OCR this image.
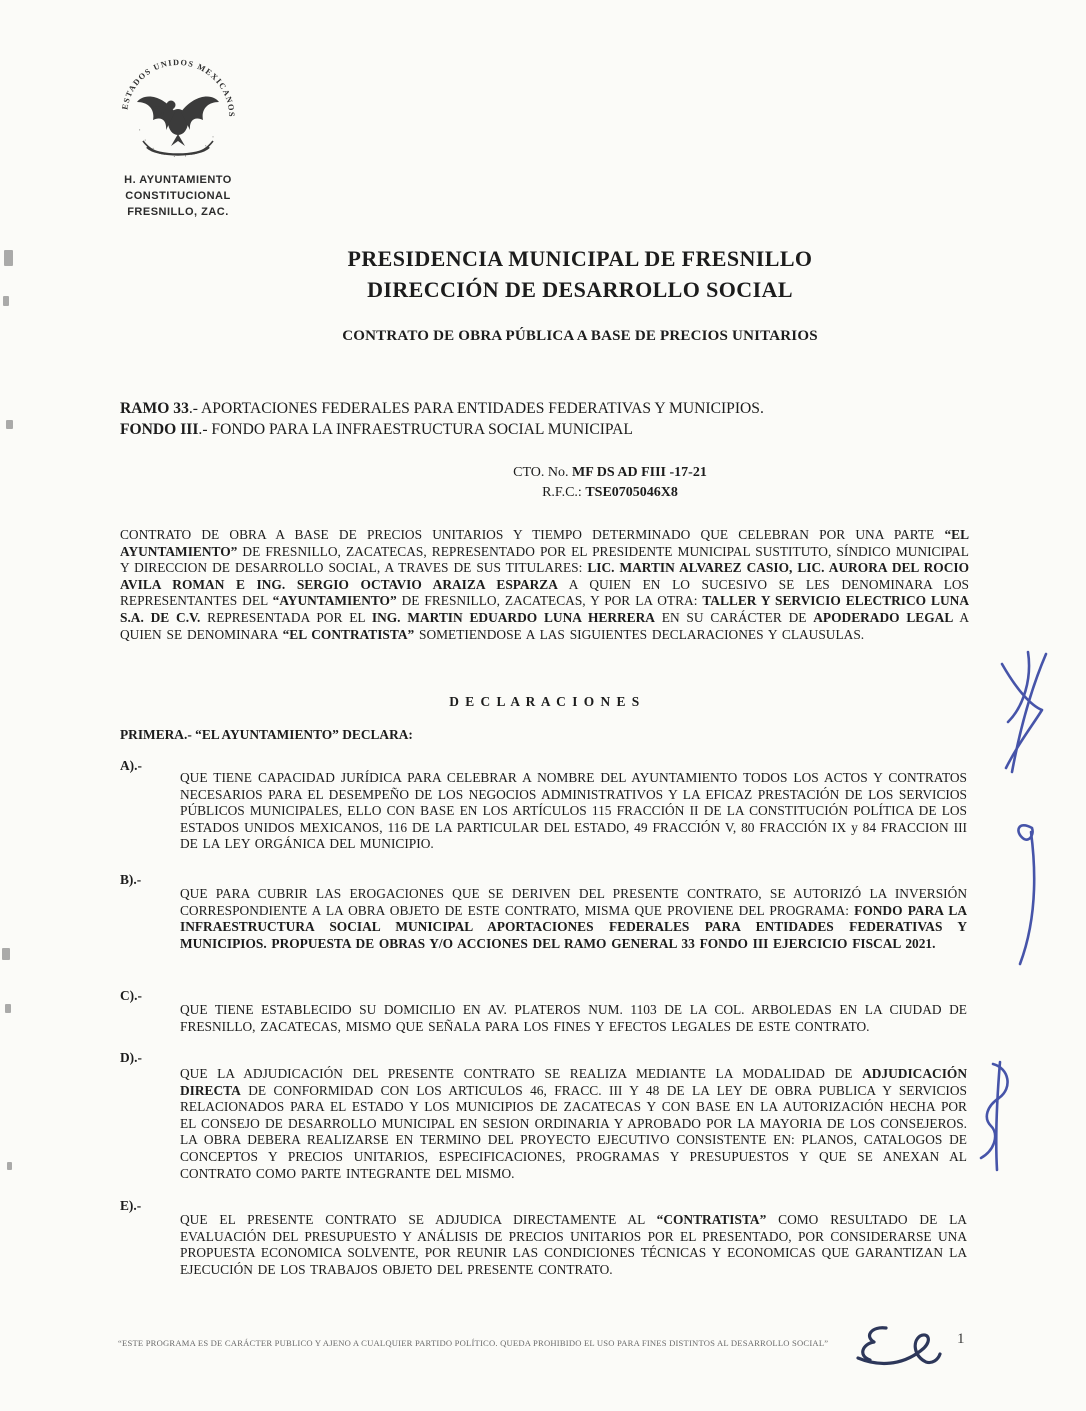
ESTADOS UNIDOS MEXICANOS
· · · · · · · · ·
H. AYUNTAMIENTO
CONSTITUCIONAL
FRESNILLO, ZAC.
PRESIDENCIA MUNICIPAL DE FRESNILLO
DIRECCIÓN DE DESARROLLO SOCIAL
CONTRATO DE OBRA PÚBLICA A BASE DE PRECIOS UNITARIOS
RAMO 33.- APORTACIONES FEDERALES PARA ENTIDADES FEDERATIVAS Y MUNICIPIOS.
FONDO III.- FONDO PARA LA INFRAESTRUCTURA SOCIAL MUNICIPAL
CTO. No. MF DS AD FIII -17-21
R.F.C.: TSE0705046X8

CONTRATO DE OBRA A BASE DE PRECIOS UNITARIOS Y TIEMPO DETERMINADO QUE CELEBRAN POR UNA PARTE “EL AYUNTAMIENTO” DE FRESNILLO, ZACATECAS, REPRESENTADO POR EL PRESIDENTE MUNICIPAL SUSTITUTO, SÍNDICO MUNICIPAL Y DIRECCION DE DESARROLLO SOCIAL, A TRAVES DE SUS TITULARES: LIC. MARTIN ALVAREZ CASIO, LIC. AURORA DEL ROCIO AVILA ROMAN E ING. SERGIO OCTAVIO ARAIZA ESPARZA A QUIEN EN LO SUCESIVO SE LES DENOMINARA LOS REPRESENTANTES DEL “AYUNTAMIENTO” DE FRESNILLO, ZACATECAS, Y POR LA OTRA: TALLER Y SERVICIO ELECTRICO LUNA S.A. DE C.V. REPRESENTADA POR EL ING. MARTIN EDUARDO LUNA HERRERA EN SU CARÁCTER DE APODERADO LEGAL A QUIEN SE DENOMINARA “EL CONTRATISTA” SOMETIENDOSE A LAS SIGUIENTES DECLARACIONES Y CLAUSULAS.

D E C L A R A C I O N E S
PRIMERA.- “EL AYUNTAMIENTO” DECLARA:
A).-

QUE TIENE CAPACIDAD JURÍDICA PARA CELEBRAR A NOMBRE DEL AYUNTAMIENTO TODOS LOS ACTOS Y CONTRATOS NECESARIOS PARA EL DESEMPEÑO DE LOS NEGOCIOS ADMINISTRATIVOS Y LA EFICAZ PRESTACIÓN DE LOS SERVICIOS PÚBLICOS MUNICIPALES, ELLO CON BASE EN LOS ARTÍCULOS 115 FRACCIÓN II DE LA CONSTITUCIÓN POLÍTICA DE LOS ESTADOS UNIDOS MEXICANOS, 116 DE LA PARTICULAR DEL ESTADO, 49 FRACCIÓN V, 80 FRACCIÓN IX y 84 FRACCION III DE LA LEY ORGÁNICA DEL MUNICIPIO.

B).-

QUE PARA CUBRIR LAS EROGACIONES QUE SE DERIVEN DEL PRESENTE CONTRATO, SE AUTORIZÓ LA INVERSIÓN CORRESPONDIENTE A LA OBRA OBJETO DE ESTE CONTRATO, MISMA QUE PROVIENE DEL PROGRAMA: FONDO PARA LA INFRAESTRUCTURA SOCIAL MUNICIPAL APORTACIONES FEDERALES PARA ENTIDADES FEDERATIVAS Y MUNICIPIOS. PROPUESTA DE OBRAS Y/O ACCIONES DEL RAMO GENERAL 33 FONDO III EJERCICIO FISCAL 2021.

C).-

QUE TIENE ESTABLECIDO SU DOMICILIO EN AV. PLATEROS NUM. 1103 DE LA COL. ARBOLEDAS EN LA CIUDAD DE FRESNILLO, ZACATECAS, MISMO QUE SEÑALA PARA LOS FINES Y EFECTOS LEGALES DE ESTE CONTRATO.

D).-

QUE LA ADJUDICACIÓN DEL PRESENTE CONTRATO SE REALIZA MEDIANTE LA MODALIDAD DE ADJUDICACIÓN DIRECTA DE CONFORMIDAD CON LOS ARTICULOS 46, FRACC. III Y 48 DE LA LEY DE OBRA PUBLICA Y SERVICIOS RELACIONADOS PARA EL ESTADO Y LOS MUNICIPIOS DE ZACATECAS Y CON BASE EN LA AUTORIZACIÓN HECHA POR EL CONSEJO DE DESARROLLO MUNICIPAL EN SESION ORDINARIA Y APROBADO POR LA MAYORIA DE LOS CONSEJEROS. LA OBRA DEBERA REALIZARSE EN TERMINO DEL PROYECTO EJECUTIVO CONSISTENTE EN: PLANOS, CATALOGOS DE CONCEPTOS Y PRECIOS UNITARIOS, ESPECIFICACIONES, PROGRAMAS Y PRESUPUESTOS Y QUE SE ANEXAN AL CONTRATO COMO PARTE INTEGRANTE DEL MISMO.

E).-

QUE EL PRESENTE CONTRATO SE ADJUDICA DIRECTAMENTE AL “CONTRATISTA” COMO RESULTADO DE LA EVALUACIÓN DEL PRESUPUESTO Y ANÁLISIS DE PRECIOS UNITARIOS POR EL PRESENTADO, POR CONSIDERARSE UNA PROPUESTA ECONOMICA SOLVENTE, POR REUNIR LAS CONDICIONES TÉCNICAS Y ECONOMICAS QUE GARANTIZAN LA EJECUCIÓN DE LOS TRABAJOS OBJETO DEL PRESENTE CONTRATO.

“ESTE PROGRAMA ES DE CARÁCTER PUBLICO Y AJENO A CUALQUIER PARTIDO POLÍTICO. QUEDA PROHIBIDO EL USO PARA FINES DISTINTOS AL DESARROLLO SOCIAL”	1
